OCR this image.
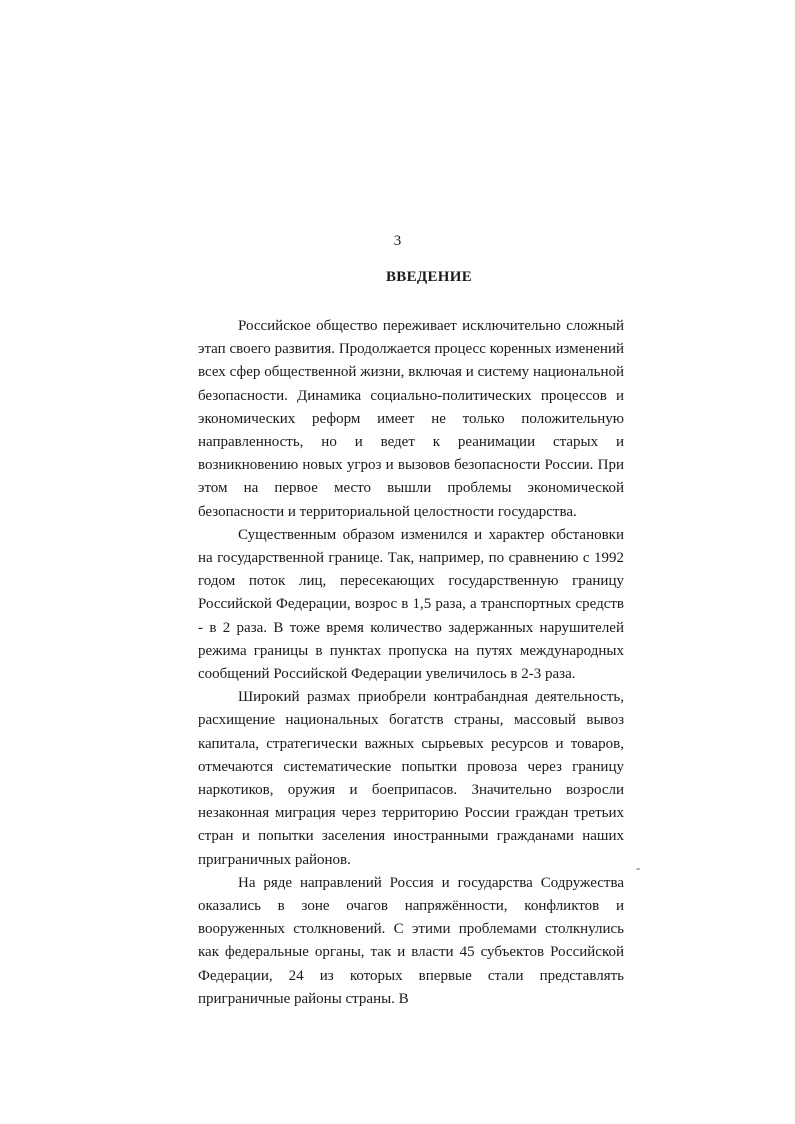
3
ВВЕДЕНИЕ

Российское общество переживает исключительно сложный этап своего развития. Продолжается процесс коренных изменений всех сфер общественной жизни, включая и систему национальной безопасности. Динамика социально-политических процессов и экономических реформ имеет не только положительную направленность, но и ведет к реанимации старых и возникновению новых угроз и вызовов безопасности России. При этом на первое место вышли проблемы экономической безопасности и территориальной целостности государства.

Существенным образом изменился и характер обстановки на государственной границе. Так, например, по сравнению с 1992 годом поток лиц, пересекающих государственную границу Российской Федерации, возрос в 1,5 раза, а транспортных средств - в 2 раза. В тоже время количество задержанных нарушителей режима границы в пунктах пропуска на путях международных сообщений Российской Федерации увеличилось в 2-3 раза.

Широкий размах приобрели контрабандная деятельность, расхищение национальных богатств страны, массовый вывоз капитала, стратегически важных сырьевых ресурсов и товаров, отмечаются систематические попытки провоза через границу наркотиков, оружия и боеприпасов. Значительно возросли незаконная миграция через территорию России граждан третьих стран и попытки заселения иностранными гражданами наших приграничных районов.

На ряде направлений Россия и государства Содружества оказались в зоне очагов напряжённости, конфликтов и вооруженных столкновений. С этими проблемами столкнулись как федеральные органы, так и власти 45 субъектов Российской Федерации, 24 из которых впервые стали представлять приграничные районы страны. В

-
